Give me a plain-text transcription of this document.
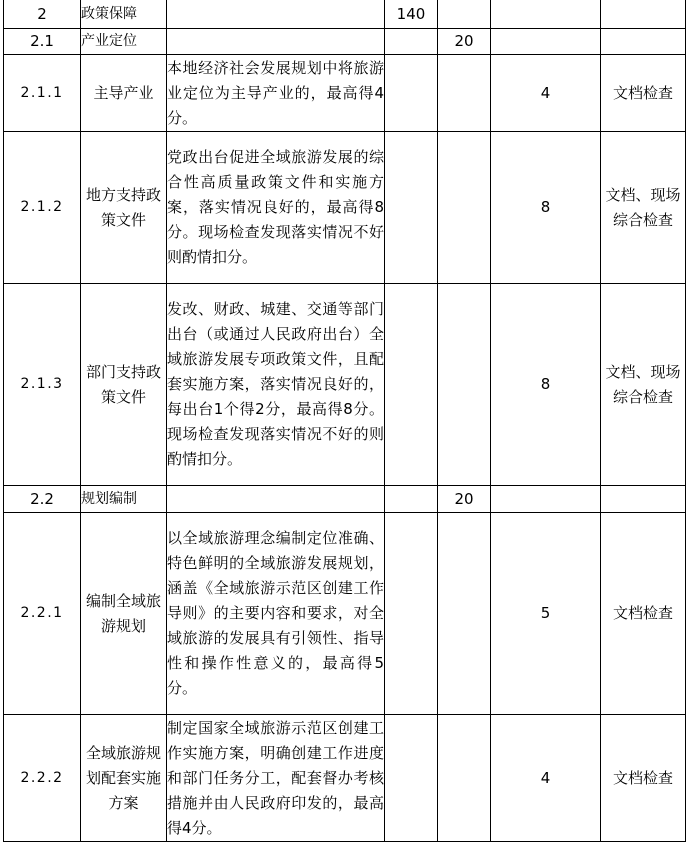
2	政策保障		140			
2.1	产业定位			20		
2.1.1	主导产业	本地经济社会发展规划中将旅游业定位为主导产业的，最高得4分。			4	文档检查
2.1.2	地方支持政策文件	党政出台促进全域旅游发展的综合性高质量政策文件和实施方案，落实情况良好的，最高得8分。现场检查发现落实情况不好则酌情扣分。			8	文档、现场综合检查
2.1.3	部门支持政策文件	发改、财政、城建、交通等部门出台（或通过人民政府出台）全域旅游发展专项政策文件，且配套实施方案，落实情况良好的，每出台1个得2分，最高得8分。现场检查发现落实情况不好的则酌情扣分。			8	文档、现场综合检查
2.2	规划编制			20		
2.2.1	编制全域旅游规划	以全域旅游理念编制定位准确、特色鲜明的全域旅游发展规划，涵盖《全域旅游示范区创建工作导则》的主要内容和要求，对全域旅游的发展具有引领性、指导性和操作性意义的，最高得5分。			5	文档检查
2.2.2	全域旅游规划配套实施方案	制定国家全域旅游示范区创建工作实施方案，明确创建工作进度和部门任务分工，配套督办考核措施并由人民政府印发的，最高得4分。			4	文档检查
